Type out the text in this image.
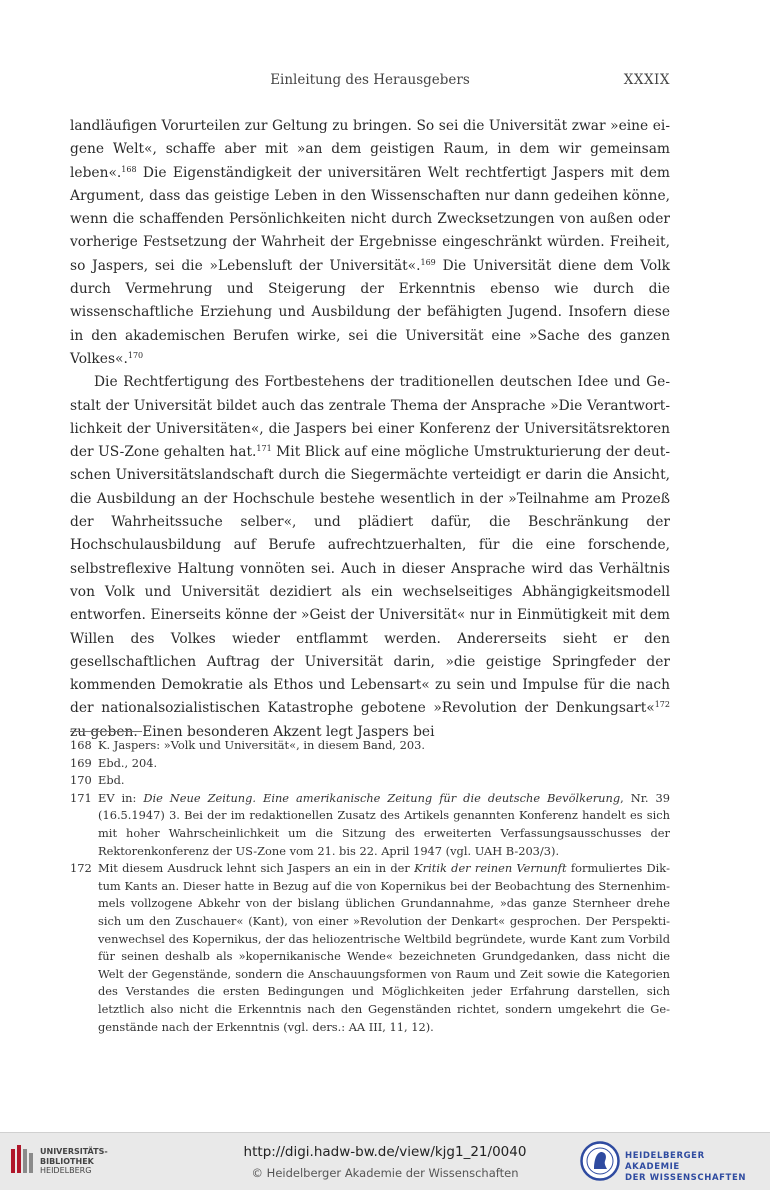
Einleitung des Herausgebers	XXXIX

landläufigen Vorurteilen zur Geltung zu bringen. So sei die Universität zwar »eine eigene Welt«, schaffe aber mit »an dem geistigen Raum, in dem wir gemeinsam leben«.$^{168}$ Die Eigenständigkeit der universitären Welt rechtfertigt Jaspers mit dem Argument, dass das geistige Leben in den Wissenschaften nur dann gedeihen könne, wenn die schaffenden Persönlichkeiten nicht durch Zwecksetzungen von außen oder vorherige Festsetzung der Wahrheit der Ergebnisse eingeschränkt würden. Freiheit, so Jaspers, sei die »Lebensluft der Universität«.$^{169}$ Die Universität diene dem Volk durch Vermehrung und Steigerung der Erkenntnis ebenso wie durch die wissenschaftliche Erziehung und Ausbildung der befähigten Jugend. Insofern diese in den akademischen Berufen wirke, sei die Universität eine »Sache des ganzen Volkes«.$^{170}$

Die Rechtfertigung des Fortbestehens der traditionellen deutschen Idee und Gestalt der Universität bildet auch das zentrale Thema der Ansprache »Die Verantwortlichkeit der Universitäten«, die Jaspers bei einer Konferenz der Universitätsrektoren der US-Zone gehalten hat.$^{171}$ Mit Blick auf eine mögliche Umstrukturierung der deutschen Universitätslandschaft durch die Siegermächte verteidigt er darin die Ansicht, die Ausbildung an der Hochschule bestehe wesentlich in der »Teilnahme am Prozeß der Wahrheitssuche selber«, und plädiert dafür, die Beschränkung der Hochschulausbildung auf Berufe aufrechtzuerhalten, für die eine forschende, selbstreflexive Haltung vonnöten sei. Auch in dieser Ansprache wird das Verhältnis von Volk und Universität dezidiert als ein wechselseitiges Abhängigkeitsmodell entworfen. Einerseits könne der »Geist der Universität« nur in Einmütigkeit mit dem Willen des Volkes wieder entflammt werden. Andererseits sieht er den gesellschaftlichen Auftrag der Universität darin, »die geistige Springfeder der kommenden Demokratie als Ethos und Lebensart« zu sein und Impulse für die nach der nationalsozialistischen Katastrophe gebotene »Revolution der Denkungsart«$^{172}$ zu geben. Einen besonderen Akzent legt Jaspers bei

168 K. Jaspers: »Volk und Universität«, in diesem Band, 203.
169 Ebd., 204.
170 Ebd.
171 EV in: Die Neue Zeitung. Eine amerikanische Zeitung für die deutsche Bevölkerung, Nr. 39 (16.5.1947) 3. Bei der im redaktionellen Zusatz des Artikels genannten Konferenz handelt es sich mit hoher Wahrscheinlichkeit um die Sitzung des erweiterten Verfassungsausschusses der Rektorenkonferenz der US-Zone vom 21. bis 22. April 1947 (vgl. UAH B-203/3).
172 Mit diesem Ausdruck lehnt sich Jaspers an ein in der Kritik der reinen Vernunft formuliertes Diktum Kants an. Dieser hatte in Bezug auf die von Kopernikus bei der Beobachtung des Sternenhimmels vollzogene Abkehr von der bislang üblichen Grundannahme, »das ganze Sternheer drehe sich um den Zuschauer« (Kant), von einer »Revolution der Denkart« gesprochen. Der Perspektivenwechsel des Kopernikus, der das heliozentrische Weltbild begründete, wurde Kant zum Vorbild für seinen deshalb als »kopernikanische Wende« bezeichneten Grundgedanken, dass nicht die Welt der Gegenstände, sondern die Anschauungsformen von Raum und Zeit sowie die Kategorien des Verstandes die ersten Bedingungen und Möglichkeiten jeder Erfahrung darstellen, sich letztlich also nicht die Erkenntnis nach den Gegenständen richtet, sondern umgekehrt die Gegenstände nach der Erkenntnis (vgl. ders.: AA III, 11, 12).
UNIVERSITÄTS-
BIBLIOTHEK
HEIDELBERG
http://digi.hadw-bw.de/view/kjg1_21/0040
© Heidelberger Akademie der Wissenschaften
HEIDELBERGER AKADEMIE
DER WISSENSCHAFTEN
